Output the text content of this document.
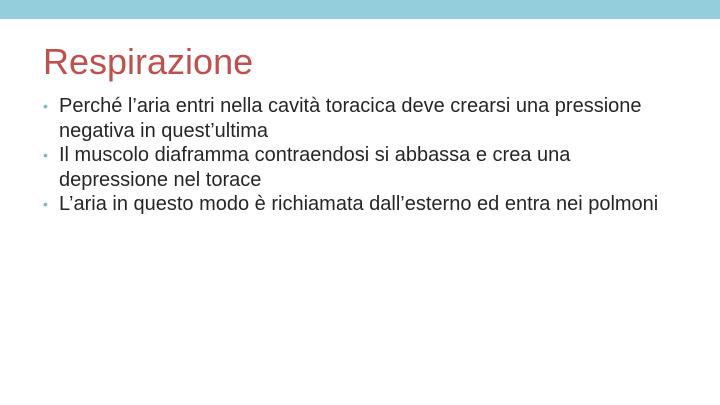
Respirazione
• Perché l’aria entri nella cavità toracica deve crearsi una pressione negativa in quest’ultima
• Il muscolo diaframma contraendosi si abbassa e crea una depressione nel torace
• L’aria in questo modo è richiamata dall’esterno ed entra nei polmoni
